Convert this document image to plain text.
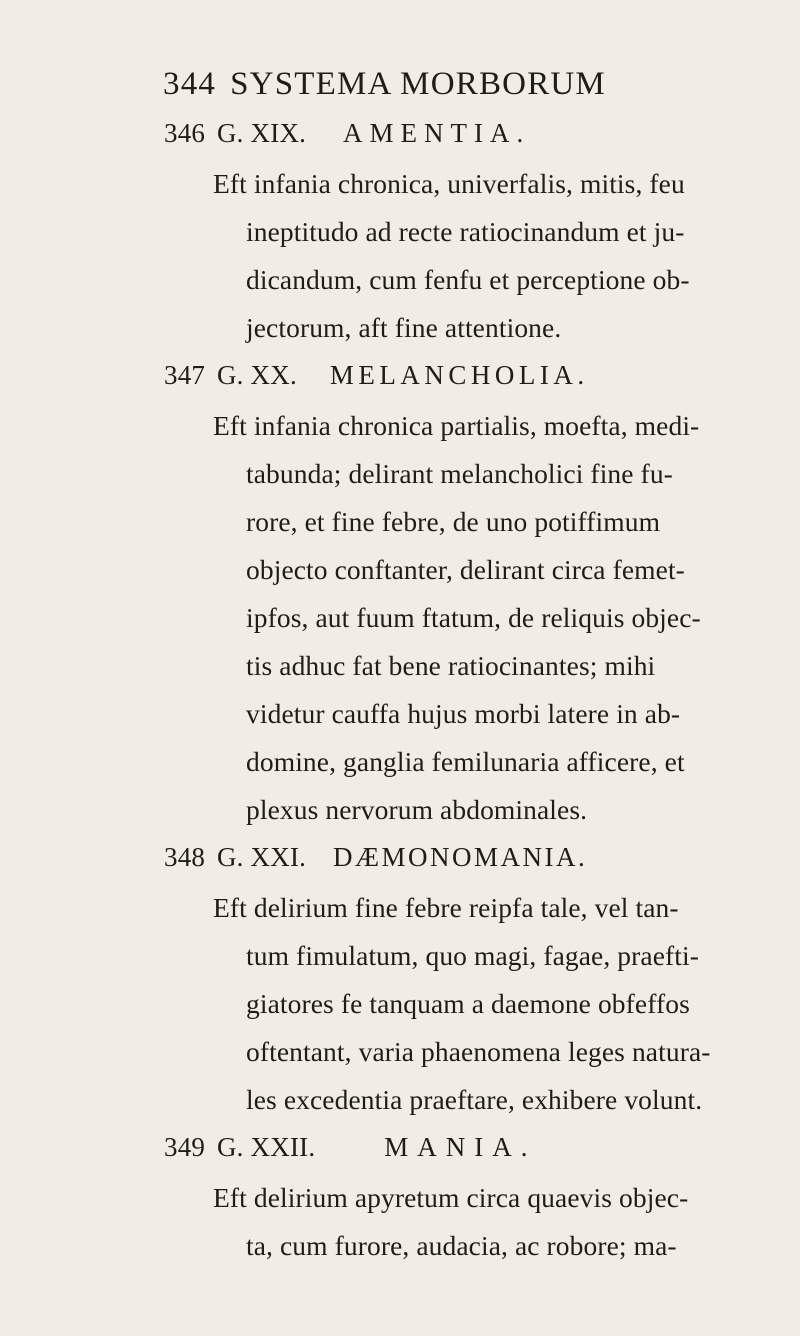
344 SYSTEMA MORBORUM
346 G. XIX. AMENTIA.
Eft infania chronica, univerfalis, mitis, feu
ineptitudo ad recte ratiocinandum et ju-
dicandum, cum fenfu et perceptione ob-
jectorum, aft fine attentione.
347 G. XX. MELANCHOLIA.
Eft infania chronica partialis, moefta, medi-
tabunda; delirant melancholici fine fu-
rore, et fine febre, de uno potiffimum
objecto conftanter, delirant circa femet-
ipfos, aut fuum ftatum, de reliquis objec-
tis adhuc fat bene ratiocinantes; mihi
videtur cauffa hujus morbi latere in ab-
domine, ganglia femilunaria afficere, et
plexus nervorum abdominales.
348 G. XXI. DÆMONOMANIA.
Eft delirium fine febre reipfa tale, vel tan-
tum fimulatum, quo magi, fagae, praefti-
giatores fe tanquam a daemone obfeffos
oftentant, varia phaenomena leges natura-
les excedentia praeftare, exhibere volunt.
349 G. XXII.	MANIA.
Eft delirium apyretum circa quaevis objec-
ta, cum furore, audacia, ac robore; ma-
